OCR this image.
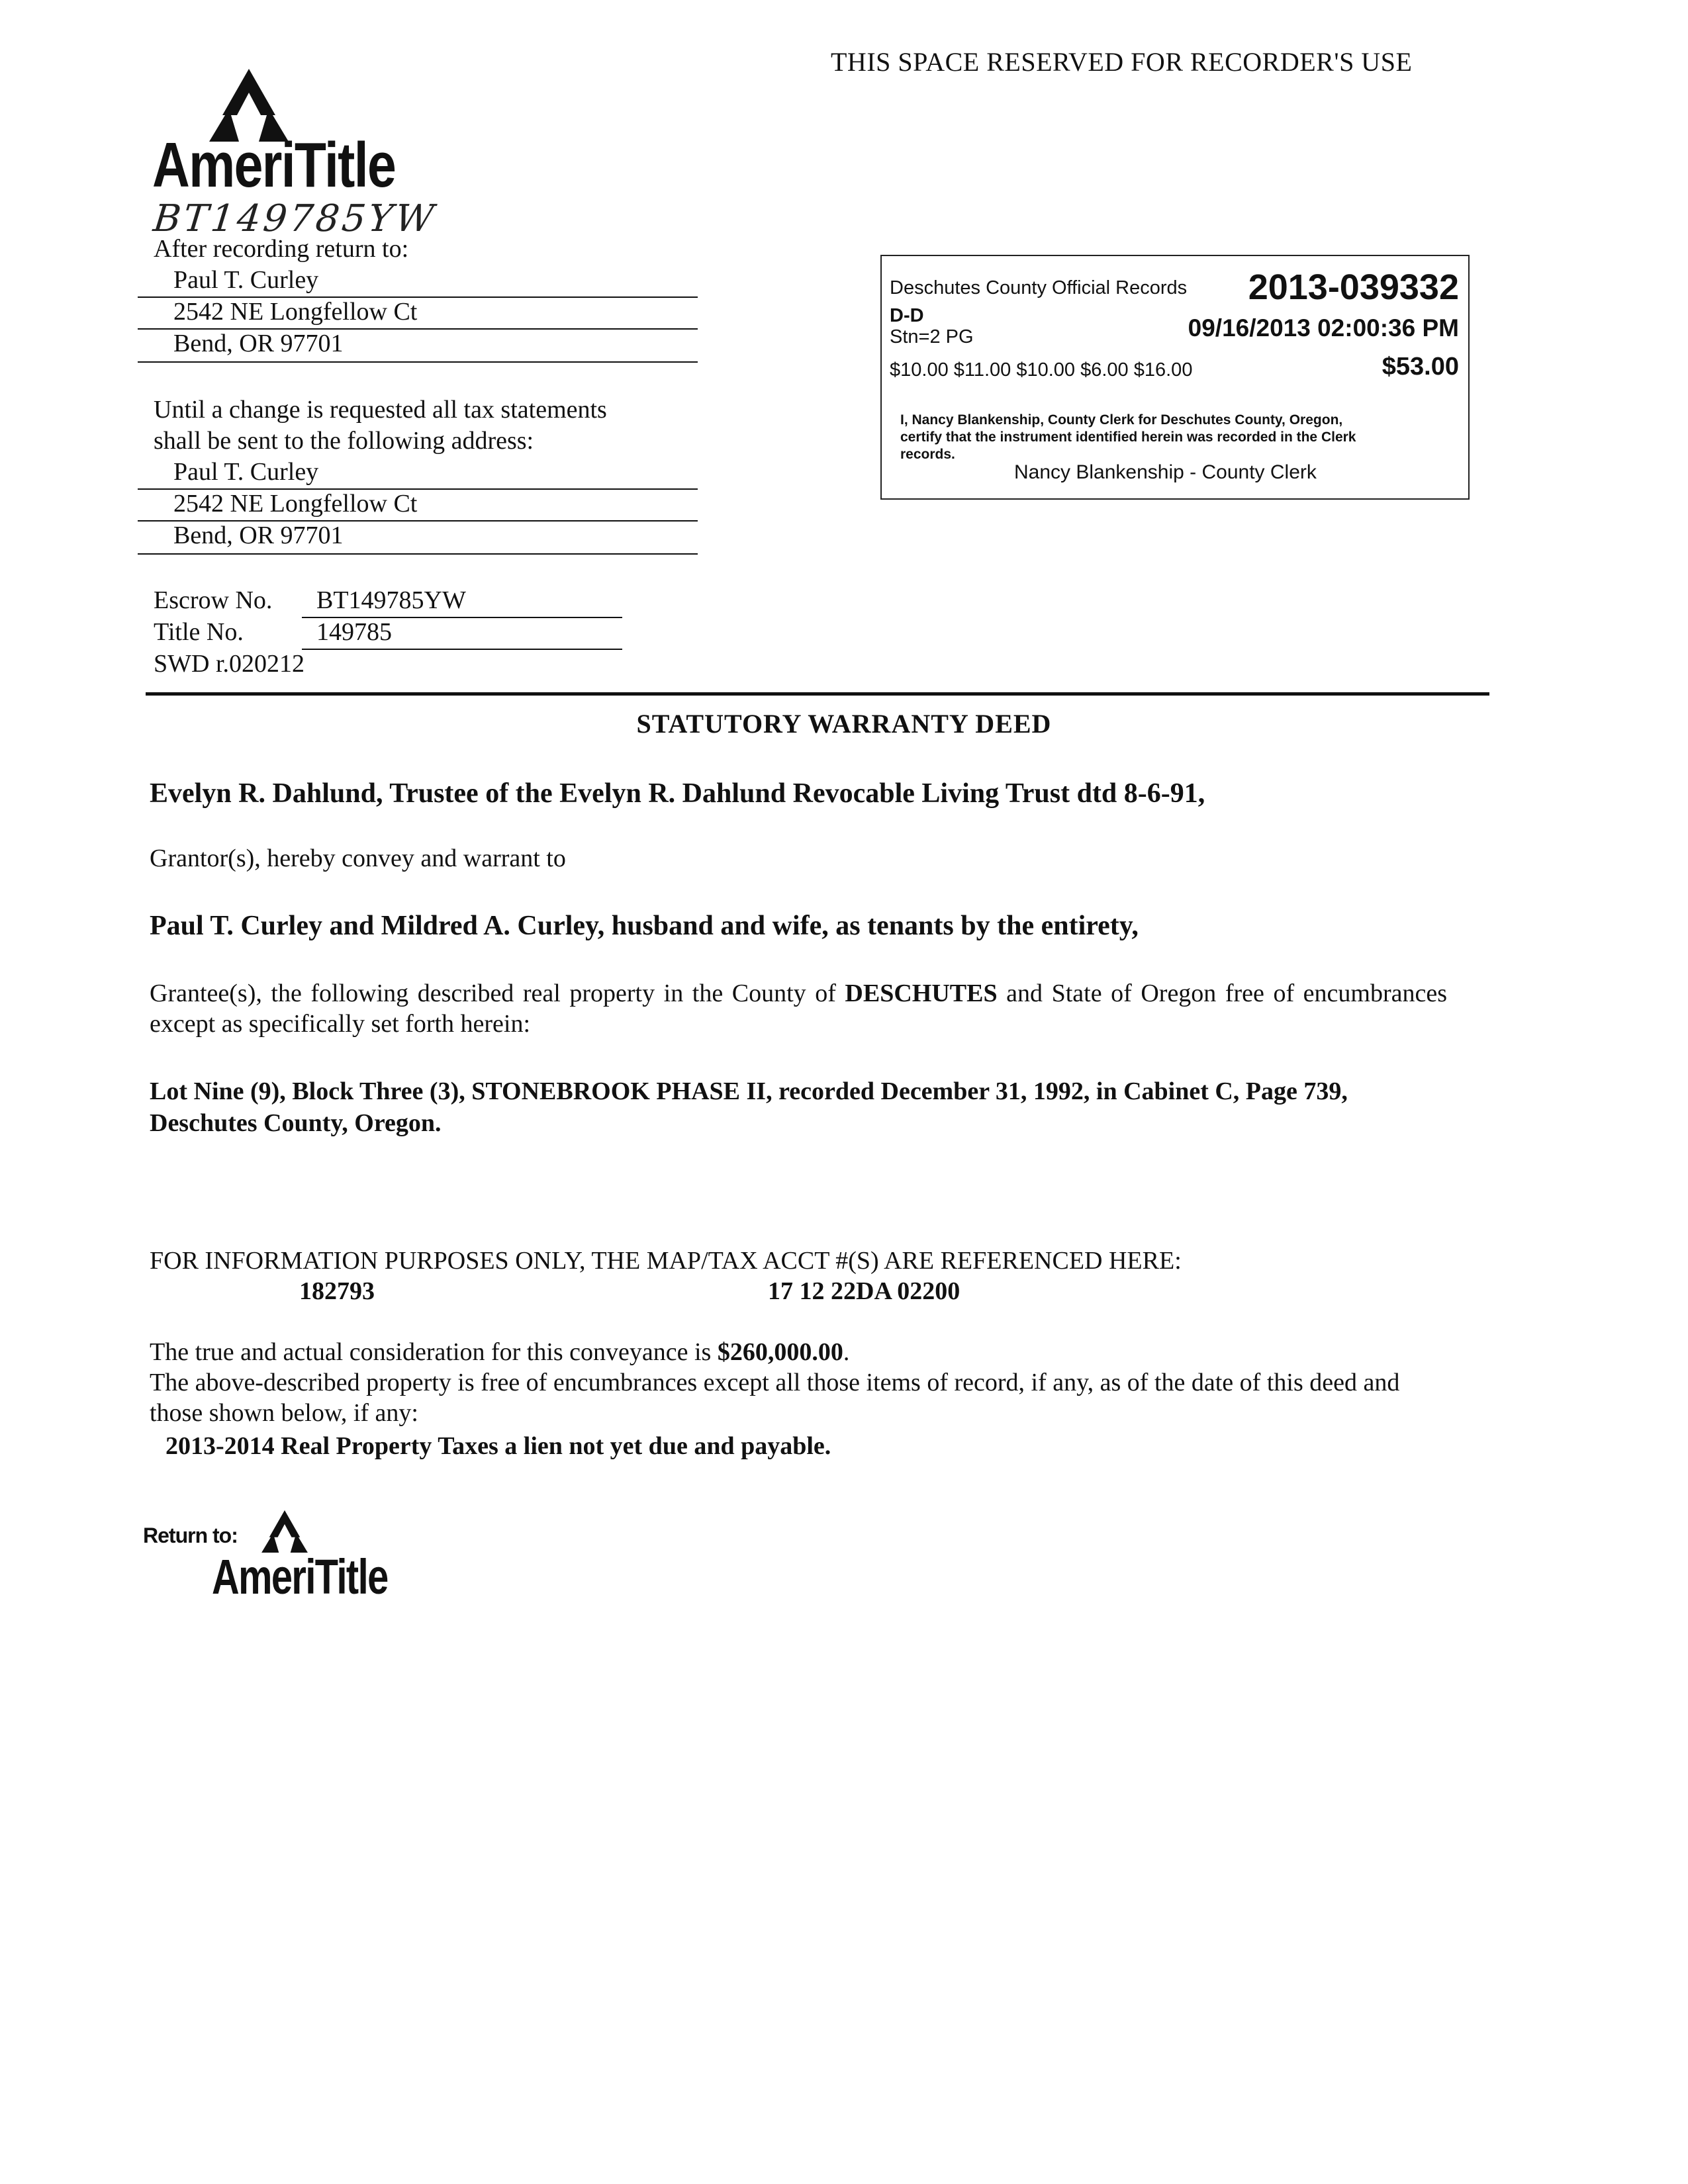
THIS SPACE RESERVED FOR RECORDER'S USE
AmeriTitle
BT149785YW
After recording return to:
Paul T. Curley
2542 NE Longfellow Ct
Bend, OR 97701
Until a change is requested all tax statements
shall be sent to the following address:
Paul T. Curley
2542 NE Longfellow Ct
Bend, OR 97701
Escrow No. BT149785YW
Title No.	149785
SWD r.020212
Deschutes County Official Records 2013-039332
D-D
Stn=2 PG	09/16/2013 02:00:36 PM
$10.00 $11.00 $10.00 $6.00 $16.00	$53.00
I, Nancy Blankenship, County Clerk for Deschutes County, Oregon,
certify that the instrument identified herein was recorded in the Clerk
records.
Nancy Blankenship - County Clerk
STATUTORY WARRANTY DEED
Evelyn R. Dahlund, Trustee of the Evelyn R. Dahlund Revocable Living Trust dtd 8-6-91,
Grantor(s), hereby convey and warrant to
Paul T. Curley and Mildred A. Curley, husband and wife, as tenants by the entirety,
Grantee(s), the following described real property in the County of DESCHUTES and State of Oregon free of encumbrances except as specifically set forth herein:
Lot Nine (9), Block Three (3), STONEBROOK PHASE II, recorded December 31, 1992, in Cabinet C, Page 739,
Deschutes County, Oregon.
FOR INFORMATION PURPOSES ONLY, THE MAP/TAX ACCT #(S) ARE REFERENCED HERE:
182793	17 12 22DA 02200
The true and actual consideration for this conveyance is $260,000.00.
The above-described property is free of encumbrances except all those items of record, if any, as of the date of this deed and those shown below, if any:
2013-2014 Real Property Taxes a lien not yet due and payable.
Return to:
AmeriTitle
